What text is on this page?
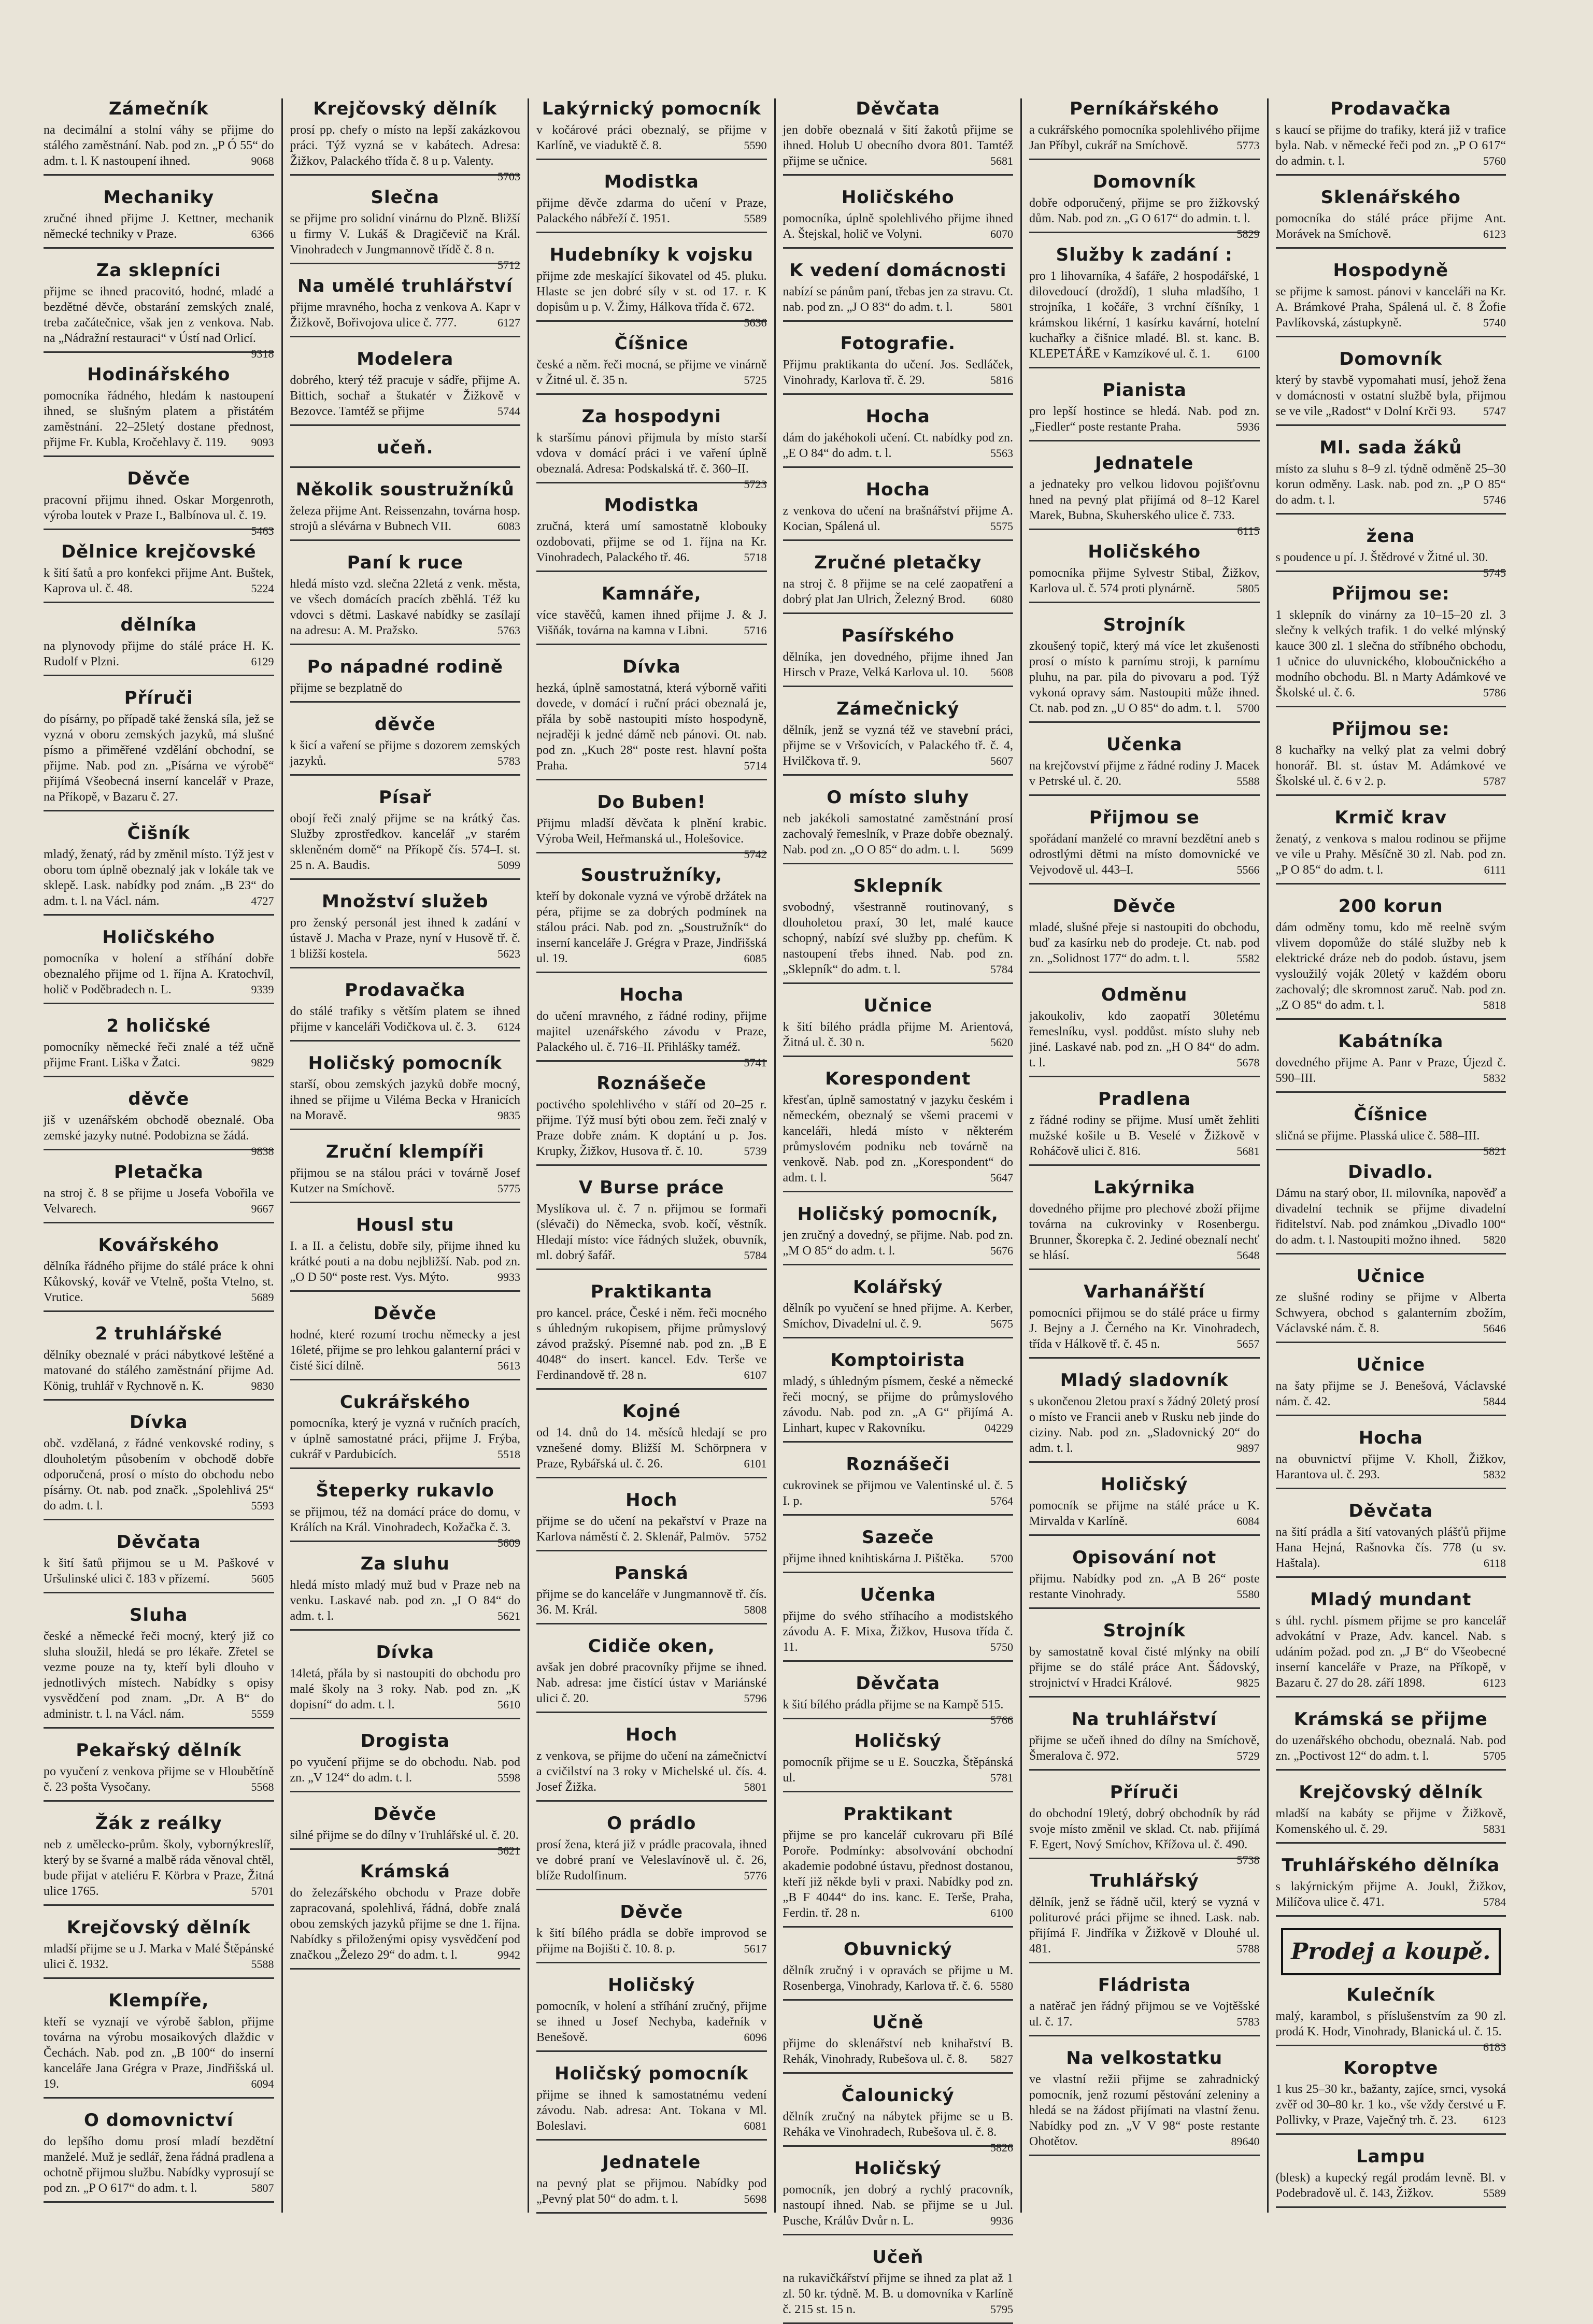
Zámečník

na decimální a stolní váhy se přijme do stálého zaměstnání. Nab. pod zn. „P Ó 55“ do adm. t. l. K nastoupení ihned.	9068

Mechaniky

zručné ihned přijme J. Kettner, mechanik německé techniky v Praze.	6366

Za sklepníci

přijme se ihned pracovitó, hodné, mladé a bezdětné děvče, obstarání zemských znalé, treba začátečnice, však jen z venkova. Nab. na „Nádražní restauraci“ v Ústí nad Orlicí.
9318

Hodinářského

pomocníka řádného, hledám k nastoupení ihned, se slušným platem a přistátém zaměstnání. 22–25letý dostane přednost, přijme Fr. Kubla, Kročehlavy č. 119. 9093

Děvče

pracovní přijmu ihned. Oskar Morgenroth, výroba loutek v Praze I., Balbínova ul. č. 19.
5463

Dělnice krejčovské

k šití šatů a pro konfekci přijme Ant. Buštek, Kaprova ul. č. 48.	5224

dělníka

na plynovody přijme do stálé práce H. K. Rudolf v Plzni.	6129

Příruči

do písárny, po případě také ženská síla, jež se vyzná v oboru zemských jazyků, má slušné písmo a přiměřené vzdělání obchodní, se přijme. Nab. pod zn. „Písárna ve výrobě“ přijímá Všeobecná inserní kancelář v Praze, na Příkopě, v Bazaru č. 27.

Čišník

mladý, ženatý, rád by změnil místo. Týž jest v oboru tom úplně obeznalý jak v lokále tak ve sklepě. Lask. nabídky pod znám. „B 23“ do adm. t. l. na Václ. nám.	4727

Holičského

pomocníka v holení a stříhání dobře obeznalého přijme od 1. října A. Kratochvíl, holič v Poděbradech n. L.	9339

2 holičské

pomocníky německé řeči znalé a též učně přijme Frant. Liška v Žatci.	9829

děvče

jiš v uzenářském obchodě obeznalé. Oba zemské jazyky nutné. Podobizna se žádá.
9838

Pletačka

na stroj č. 8 se přijme u Josefa Vobořila ve Velvarech.	9667

Kovářského

dělníka řádného přijme do stálé práce k ohni Kůkovský, kovář ve Vtelně, pošta Vtelno, st. Vrutice.	5689

2 truhlářské

dělníky obeznalé v práci nábytkové leštěné a matované do stálého zaměstnání přijme Ad. König, truhlář v Rychnově n. K.	9830

Dívka

obč. vzdělaná, z řádné venkovské rodiny, s dlouholetým působením v obchodě dobře odporučená, prosí o místo do obchodu nebo písárny. Ot. nab. pod značk. „Spolehlivá 25“ do adm. t. l.	5593

Děvčata

k šití šatů přijmou se u M. Paškové v Uršulinské ulici č. 183 v přízemí.	5605

Sluha

české a německé řeči mocný, který již co sluha sloužil, hledá se pro lékaře. Zřetel se vezme pouze na ty, kteří byli dlouho v jednotlivých místech. Nabídky s opisy vysvědčení pod znam. „Dr. A B“ do administr. t. l. na Václ. nám.	5559

Pekařský dělník

po vyučení z venkova přijme se v Hloubětíně č. 23 pošta Vysočany.	5568

Žák z reálky

neb z umělecko-prům. školy, vybornýkreslíř, který by se švarné a malbě ráda věnoval chtěl, bude přijat v ateliéru F. Körbra v Praze, Žitná ulice 1765.	5701

Krejčovský dělník

mladší přijme se u J. Marka v Malé Štěpánské ulici č. 1932.	5588

Klempíře,

kteří se vyznají ve výrobě šablon, přijme továrna na výrobu mosaikových dlaždic v Čechách. Nab. pod zn. „B 100“ do inserní kanceláře Jana Grégra v Praze, Jindřišská ul. 19.	6094

O domovnictví

do lepšího domu prosí mladí bezdětní manželé. Muž je sedlář, žena řádná pradlena a ochotně přijmou službu. Nabídky vyprosují se pod zn. „P O 617“ do adm. t. l.	5807

Krejčovský dělník

prosí pp. chefy o místo na lepší zakázkovou práci. Týž vyzná se v kabátech. Adresa: Žižkov, Palackého třída č. 8 u p. Valenty.
5703

Slečna

se přijme pro solidní vinárnu do Plzně. Bližší u firmy V. Lukáš & Dragičevič na Král. Vinohradech v Jungmannově třídě č. 8 n.
5712

Na umělé truhlářství

přijme mravného, hocha z venkova A. Kapr v Žižkově, Bořivojova ulice č. 777.	6127

Modelera

dobrého, který též pracuje v sádře, přijme A. Bittich, sochař a štukatér v Žižkově v Bezovce. Tamtéž se přijme	5744

učeň.

Několik soustružníků

železa přijme Ant. Reissenzahn, továrna hosp. strojů a slévárna v Bubnech VII.	6083

Paní k ruce

hledá místo vzd. slečna 22letá z venk. města, ve všech domácích pracích zběhlá. Též ku vdovci s dětmi. Laskavé nabídky se zasílají na adresu: A. M. Pražsko.	5763

Po nápadné rodině

přijme se bezplatně do

děvče

k šicí a vaření se přijme s dozorem zemských jazyků.	5783

Písař

obojí řeči znalý přijme se na krátký čas. Služby zprostředkov. kancelář „v starém skleněném domě“ na Příkopě čís. 574–I. st. 25 n. A. Baudis.	5099

Množství služeb

pro ženský personál jest ihned k zadání v ústavě J. Macha v Praze, nyní v Husově tř. č. 1 bližší kostela.	5623

Prodavačka

do stálé trafiky s větším platem se ihned přijme v kanceláři Vodičkova ul. č. 3. 6124

Holičský pomocník

starší, obou zemských jazyků dobře mocný, ihned se přijme u Viléma Becka v Hranicích na Moravě.	9835

Zruční klempíři

přijmou se na stálou práci v továrně Josef Kutzer na Smíchově.	5775

Housl stu

I. a II. a čelistu, dobře sily, přijme ihned ku krátké pouti a na dobu nejbližší. Nab. pod zn. „O D 50“ poste rest. Vys. Mýto.	9933

Děvče

hodné, které rozumí trochu německy a jest 16leté, přijme se pro lehkou galanterní práci v čisté šicí dílně.	5613

Cukrářského

pomocníka, který je vyzná v ručních pracích, v úplně samostatné práci, přijme J. Frýba, cukrář v Pardubicích.	5518

Šteperky rukavlo

se přijmou, též na domácí práce do domu, v Králích na Král. Vinohradech, Kožačka č. 3.
5609

Za sluhu

hledá místo mladý muž bud v Praze neb na venku. Laskavé nab. pod zn. „I O 84“ do adm. t. l.	5621

Dívka

14letá, přála by si nastoupiti do obchodu pro malé školy na 3 roky. Nab. pod zn. „K dopisní“ do adm. t. l.	5610

Drogista

po vyučení přijme se do obchodu. Nab. pod zn. „V 124“ do adm. t. l.	5598

Děvče

silné přijme se do dílny v Truhlářské ul. č. 20.
5621

Krámská

do železářského obchodu v Praze dobře zapracovaná, spolehlivá, řádná, dobře znalá obou zemských jazyků přijme se dne 1. října. Nabídky s přiloženými opisy vysvědčení pod značkou „Železo 29“ do adm. t. l.	9942

Lakýrnický pomocník

v kočárové práci obeznalý, se přijme v Karlíně, ve viaduktě č. 8.	5590

Modistka

přijme děvče zdarma do učení v Praze, Palackého nábřeží č. 1951.	5589

Hudebníky k vojsku

přijme zde meskající šikovatel od 45. pluku. Hlaste se jen dobré síly v st. od 17. r. K dopisům u p. V. Žimy, Hálkova třída č. 672.
5636

Číšnice

české a něm. řeči mocná, se přijme ve vinárně v Žitné ul. č. 35 n.	5725

Za hospodyni

k staršímu pánovi přijmula by místo starší vdova v domácí práci i ve vaření úplně obeznalá. Adresa: Podskalská tř. č. 360–II.
5723

Modistka

zručná, která umí samostatně klobouky ozdobovati, přijme se od 1. října na Kr. Vinohradech, Palackého tř. 46.	5718

Kamnáře,

více stavěčů, kamen ihned přijme J. & J. Višňák, továrna na kamna v Libni.	5716

Dívka

hezká, úplně samostatná, která výborně vařiti dovede, v domácí i ruční práci obeznalá je, přála by sobě nastoupiti místo hospodyně, nejraději k jedné dámě neb pánovi. Ot. nab. pod zn. „Kuch 28“ poste rest. hlavní pošta Praha.	5714

Do Buben!

Přijmu mladší děvčata k plnění krabic. Výroba Weil, Heřmanská ul., Holešovice.
5742

Soustružníky,

kteří by dokonale vyzná ve výrobě držátek na péra, přijme se za dobrých podmínek na stálou práci. Nab. pod zn. „Soustružník“ do inserní kanceláře J. Grégra v Praze, Jindřišská ul. 19.	6085

Hocha

do učení mravného, z řádné rodiny, přijme majitel uzenářského závodu v Praze, Palackého ul. č. 716–II. Přihlášky taméž.
5741

Roznášeče

poctivého spolehlivého v stáří od 20–25 r. přijme. Týž musí býti obou zem. řeči znalý v Praze dobře znám. K doptání u p. Jos. Krupky, Žižkov, Husova tř. č. 10.	5739

V Burse práce

Myslíkova ul. č. 7 n. přijmou se formaři (slévači) do Německa, svob. kočí, věstník. Hledají místo: více řádných služek, obuvník, ml. dobrý šafář.	5784

Praktikanta

pro kancel. práce, České i něm. řeči mocného s úhledným rukopisem, přijme průmyslový závod pražský. Písemné nab. pod zn. „B E 4048“ do insert. kancel. Edv. Terše ve Ferdinandově tř. 28 n.	6107

Kojné

od 14. dnů do 14. měsíců hledají se pro vznešené domy. Bližší M. Schörpnera v Praze, Rybářská ul. č. 26.	6101

Hoch

přijme se do učení na pekařství v Praze na Karlova náměstí č. 2. Sklenář, Palmöv. 5752

Panská

přijme se do kanceláře v Jungmannově tř. čís. 36. M. Král.	5808

Cidiče oken,

avšak jen dobré pracovníky přijme se ihned. Nab. adresa: jme čistící ústav v Mariánské ulici č. 20.	5796

Hoch

z venkova, se přijme do učení na zámečnictví a cvičilství na 3 roky v Michelské ul. čís. 4. Josef Žižka.	5801

O prádlo

prosí žena, která již v prádle pracovala, ihned ve dobré praní ve Veleslavínově ul. č. 26, blíže Rudolfinum.	5776

Děvče

k šití bílého prádla se dobře improvod se přijme na Bojišti č. 10. 8. p.	5617

Holičský

pomocník, v holení a stříhání zručný, přijme se ihned u Josef Nechyba, kadeřník v Benešově.	6096

Holičský pomocník

přijme se ihned k samostatnému vedení závodu. Nab. adresa: Ant. Tokana v Ml. Boleslavi.	6081

Jednatele

na pevný plat se přijmou. Nabídky pod „Pevný plat 50“ do adm. t. l.	5698

Děvčata

jen dobře obeznalá v šití žakotů přijme se ihned. Holub U obecního dvora 801. Tamtéž přijme se učnice.	5681

Holičského

pomocníka, úplně spolehlivého přijme ihned A. Štejskal, holič ve Volyni.	6070

K vedení domácnosti

nabízí se pánům paní, třebas jen za stravu. Ct. nab. pod zn. „J O 83“ do adm. t. l.	5801

Fotografie.

Přijmu praktikanta do učení. Jos. Sedláček, Vinohrady, Karlova tř. č. 29.	5816

Hocha

dám do jakéhokoli učení. Ct. nabídky pod zn. „E O 84“ do adm. t. l.	5563

Hocha

z venkova do učení na brašnářství přijme A. Kocian, Spálená ul.	5575

Zručné pletačky

na stroj č. 8 přijme se na celé zaopatření a dobrý plat Jan Ulrich, Železný Brod. 6080

Pasířského

dělníka, jen dovedného, přijme ihned Jan Hirsch v Praze, Velká Karlova ul. 10. 5608

Zámečnický

dělník, jenž se vyzná též ve stavební práci, přijme se v Vršovicích, v Palackého tř. č. 4, Hvilčkova tř. 9.	5607

O místo sluhy

neb jakékoli samostatné zaměstnání prosí zachovalý řemeslník, v Praze dobře obeznalý. Nab. pod zn. „O O 85“ do adm. t. l.	5699

Sklepník

svobodný, všestranně routinovaný, s dlouholetou praxí, 30 let, malé kauce schopný, nabízí své služby pp. chefům. K nastoupení třebs ihned. Nab. pod zn. „Sklepník“ do adm. t. l.	5784

Učnice

k šití bílého prádla přijme M. Arientová, Žitná ul. č. 30 n.	5620

Korespondent

křesťan, úplně samostatný v jazyku českém i německém, obeznalý se všemi pracemi v kanceláři, hledá místo v některém průmyslovém podniku neb továrně na venkově. Nab. pod zn. „Korespondent“ do adm. t. l.	5647

Holičský pomocník,

jen zručný a dovedný, se přijme. Nab. pod zn. „M O 85“ do adm. t. l.	5676

Kolářský

dělník po vyučení se hned přijme. A. Kerber, Smíchov, Divadelní ul. č. 9.	5675

Komptoiristа

mladý, s úhledným písmem, české a německé řeči mocný, se přijme do průmyslového závodu. Nab. pod zn. „A G“ přijímá A. Linhart, kupec v Rakovníku.	04229

Roznášeči

cukrovinek se přijmou ve Valentinské ul. č. 5 I. p.	5764

Sazeče

přijme ihned knihtiskárna J. Pištěka. 5700

Učenka

přijme do svého stříhacího a modistského závodu A. F. Mixa, Žižkov, Husova třída č. 11.	5750

Děvčata

k šití bílého prádla přijme se na Kampě 515.
5766

Holičský

pomocník přijme se u E. Souczka, Štěpánská ul.	5781

Praktikant

přijme se pro kancelář cukrovaru při Bílé Poroře. Podmínky: absolvování obchodní akademie podobné ústavu, přednost dostanou, kteří již někde byli v praxi. Nabídky pod zn. „B F 4044“ do ins. kanc. E. Terše, Praha, Ferdin. tř. 28 n.	6100

Obuvnický

dělník zručný i v opravách se přijme u M. Rosenberga, Vinohrady, Karlova tř. č. 6. 5580

Učně

přijme do sklenářství neb knihařství B. Rehák, Vinohrady, Rubešova ul. č. 8. 5827

Čalounický

dělník zručný na nábytek přijme se u B. Reháka ve Vinohradech, Rubešova ul. č. 8.
5826

Holičský

pomocník, jen dobrý a rychlý pracovník, nastoupí ihned. Nab. se přijme se u Jul. Pusche, Králův Dvůr n. L.	9936

Učeň

na rukavičkářství přijme se ihned za plat až 1 zl. 50 kr. týdně. M. B. u domovníka v Karlíně č. 215 st. 15 n.	5795

Perníkářského

a cukrářského pomocníka spolehlivého přijme Jan Příbyl, cukrář na Smíchově.	5773

Domovník

dobře odporučený, přijme se pro žižkovský dům. Nab. pod zn. „G O 617“ do admin. t. l.
5829

Služby k zadání :

pro 1 lihovarníka, 4 šafáře, 2 hospodářské, 1 dilovedoucí (droždí), 1 sluha mladšího, 1 strojníka, 1 kočáře, 3 vrchní číšníky, 1 krámskou likérní, 1 kasírku kavární, hotelní kuchařky a čišnice mladé. Bl. st. kanc. B. KLEPETÁŘE v Kamzíkové ul. č. 1. 6100

Pianista

pro lepší hostince se hledá. Nab. pod zn. „Fiedler“ poste restante Praha.	5936

Jednatele

a jednateky pro velkou lidovou pojišťovnu hned na pevný plat přijímá od 8–12 Karel Marek, Bubna, Skuherského ulice č. 733.
6115

Holičského

pomocníka přijme Sylvestr Stibal, Žižkov, Karlova ul. č. 574 proti plynárně.	5805

Strojník

zkoušený topič, který má více let zkušenosti prosí o místo k parnímu stroji, k parnímu pluhu, na par. pila do pivovaru a pod. Týž vykoná opravy sám. Nastoupiti může ihned. Ct. nab. pod zn. „U O 85“ do adm. t. l. 5700

Učenka

na krejčovství přijme z řádné rodiny J. Macek v Petrské ul. č. 20.	5588

Přijmou se

spořádaní manželé co mravní bezdětní aneb s odrostlými dětmi na místo domovnické ve Vejvodově ul. 443–I.	5566

Děvče

mladé, slušné přeje si nastoupiti do obchodu, buď za kasírku neb do prodeje. Ct. nab. pod zn. „Solidnost 177“ do adm. t. l.	5582

Odměnu

jakoukoliv, kdo zaopatří 30letému řemeslníku, vysl. poddůst. místo sluhy neb jiné. Laskavé nab. pod zn. „H O 84“ do adm. t. l.	5678

Pradlena

z řádné rodiny se přijme. Musí umět žehliti mužské košile u B. Veselé v Žižkově v Roháčově ulici č. 816.	5681

Lakýrnika

dovedného přijme pro plechové zboží přijme továrna na cukrovinky v Rosenbergu. Brunner, Škorepka č. 2. Jediné obeznalí nechť se hlásí.	5648

Varhanářští

pomocníci přijmou se do stálé práce u firmy J. Bejny a J. Černého na Kr. Vinohradech, třída v Hálkově tř. č. 45 n.	5657

Mladý sladovník

s ukončenou 2letou praxí s žádný 20letý prosí o místo ve Francii aneb v Rusku neb jinde do ciziny. Nab. pod zn. „Sladovnický 20“ do adm. t. l.	9897

Holičský

pomocník se přijme na stálé práce u K. Mirvalda v Karlíně.	6084

Opisování not

přijmu. Nabídky pod zn. „A B 26“ poste restante Vinohrady.	5580

Strojník

by samostatně koval čisté mlýnky na obilí přijme se do stálé práce Ant. Šádovský, strojnictví v Hradci Králové.	9825

Na truhlářství

přijme se učeň ihned do dílny na Smíchově, Šmeralova č. 972.	5729

Příruči

do obchodní 19letý, dobrý obchodník by rád svoje místo změnil ve sklad. Ct. nab. přijímá F. Egert, Nový Smíchov, Křížova ul. č. 490.
5738

Truhlářský

dělník, jenž se řádně učil, který se vyzná v politurové práci přijme se ihned. Lask. nab. přijímá F. Jindříka v Žižkově v Dlouhé ul. 481.	5788

Fládrista

a natěrač jen řádný přijmou se ve Vojtěšské ul. č. 17.	5783

Na velkostatku

ve vlastní režii přijme se zahradnický pomocník, jenž rozumí pěstování zeleniny a hledá se na žádost přijímati na vlastní ženu. Nabídky pod zn. „V V 98“ poste restante Ohotětov.	89640

Prodavačka

s kaucí se přijme do trafiky, která již v trafice byla. Nab. v německé řeči pod zn. „P O 617“ do admin. t. l.	5760

Sklenářského

pomocníka do stálé práce přijme Ant. Morávek na Smíchově.	6123

Hospodyně

se přijme k samost. pánovi v kanceláři na Kr. A. Brámkové Praha, Spálená ul. č. 8 Žofie Pavlíkovská, zástupkyně.	5740

Domovník

který by stavbě vypomahati musí, jehož žena v domácnosti v ostatní službě byla, přijmou se ve vile „Radost“ v Dolní Krči 93. 5747

Ml. sada žáků

místo za sluhu s 8–9 zl. týdně odměně 25–30 korun odměny. Lask. nab. pod zn. „P O 85“ do adm. t. l.	5746

žena

s poudence u pí. J. Štědrové v Žitné ul. 30.
5745

Přijmou se:

1 sklepník do vinárny za 10–15–20 zl. 3 slečny k velkých trafik. 1 do velké mlýnský kauce 300 zl. 1 slečna do stříbného obchodu, 1 učnice do uluvnického, kloboučnického a modního obchodu. Bl. n Marty Adámkové ve Školské ul. č. 6.	5786

Přijmou se:

8 kuchařky na velký plat za velmi dobrý honorář. Bl. st. ústav M. Adámkové ve Školské ul. č. 6 v 2. p.	5787

Krmič krav

ženatý, z venkova s malou rodinou se přijme ve vile u Prahy. Měsíčně 30 zl. Nab. pod zn. „P O 85“ do adm. t. l.	6111

200 korun

dám odměny tomu, kdo mě reelně svým vlivem dopomůže do stálé služby neb k elektrické dráze neb do podob. ústavu, jsem vysloužilý voják 20letý v každém oboru zachovalý; dle skromnost zaruč. Nab. pod zn. „Z O 85“ do adm. t. l.	5818

Kabátníka

dovedného přijme A. Panr v Praze, Újezd č. 590–III.	5832

Číšnice

sličná se přijme. Plasská ulice č. 588–III.
5821

Divadlo.

Dámu na starý obor, II. milovníka, napověď a divadelní technik se přijme divadelní řiditelství. Nab. pod známkou „Divadlo 100“ do adm. t. l. Nastoupiti možno ihned. 5820

Učnice

ze slušné rodiny se přijme v Alberta Schwyera, obchod s galanterním zbožím, Václavské nám. č. 8.	5646

Učnice

na šaty přijme se J. Benešová, Václavské nám. č. 42.	5844

Hocha

na obuvnictví přijme V. Kholl, Žižkov, Harantova ul. č. 293.	5832

Děvčata

na šití prádla a šití vatovaných plášťů přijme Hana Hejná, Rašnovka čís. 778 (u sv. Haštala).	6118

Mladý mundant

s úhl. rychl. písmem přijme se pro kancelář advokátní v Praze, Adv. kancel. Nab. s udáním požad. pod zn. „J B“ do Všeobecné inserní kanceláře v Praze, na Příkopě, v Bazaru č. 27 do 28. září 1898.	6123

Krámská se přijme

do uzenářského obchodu, obeznalá. Nab. pod zn. „Poctivost 12“ do adm. t. l.	5705

Krejčovský dělník

mladší na kabáty se přijme v Žižkově, Komenského ul. č. 29.	5831

Truhlářského dělníka

s lakýrnickým přijme A. Joukl, Žižkov, Milíčova ulice č. 471.	5784

Prodej a koupě.
Kulečník

malý, karambol, s příslušenstvím za 90 zl. prodá K. Hodr, Vinohrady, Blanická ul. č. 15.
6183

Koroptve

1 kus 25–30 kr., bažanty, zajíce, srnci, vysoká zvěř od 30–80 kr. 1 ko., vše vždy čerstvé u F. Pollivky, v Praze, Vaječný trh. č. 23. 6123

Lampu

(blesk) a kupecký regál prodám levně. Bl. v Podebradově ul. č. 143, Žižkov.	5589
